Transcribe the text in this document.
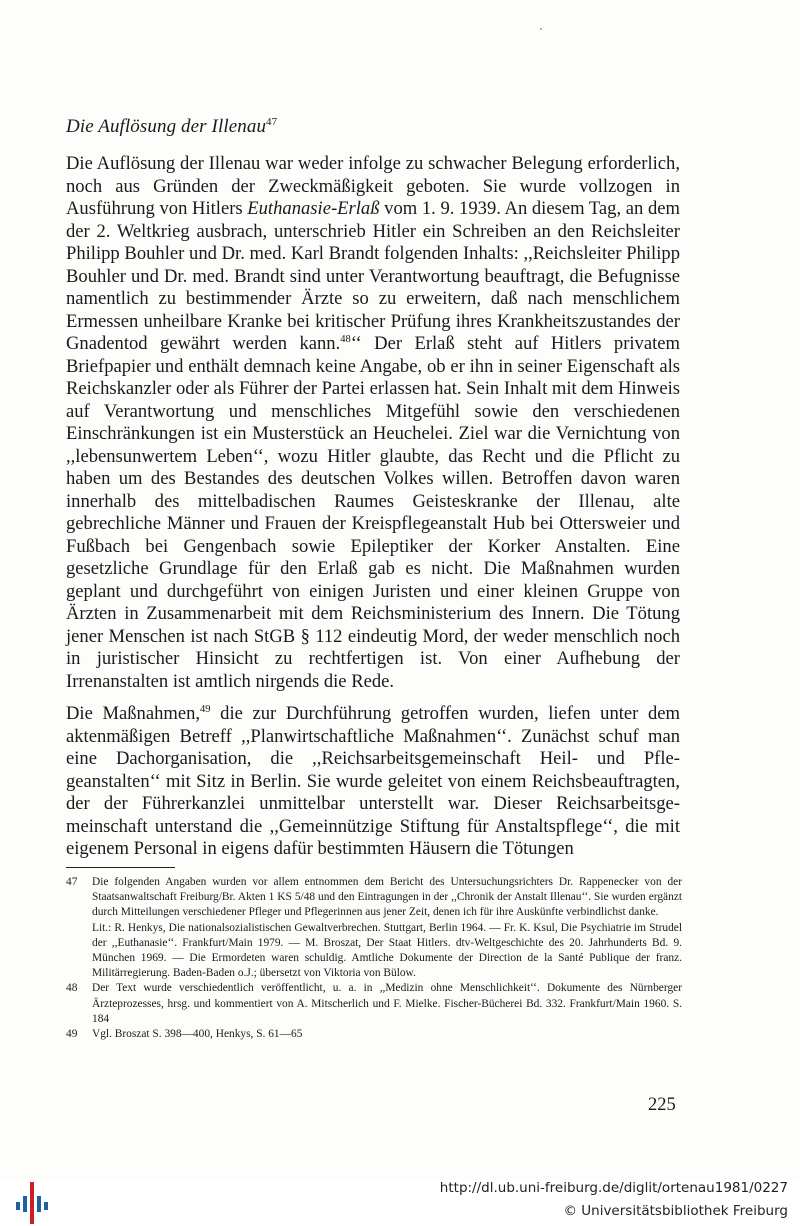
Die Auflösung der Illenau$^{47}$

Die Auflösung der Illenau war weder infolge zu schwacher Belegung erforderlich, noch aus Gründen der Zweckmäßigkeit geboten. Sie wurde vollzogen in Ausführung von Hitlers Euthanasie-Erlaß vom 1. 9. 1939. An diesem Tag, an dem der 2. Weltkrieg ausbrach, unterschrieb Hitler ein Schreiben an den Reichsleiter Philipp Bouhler und Dr. med. Karl Brandt folgenden Inhalts: ,,Reichsleiter Philipp Bouhler und Dr. med. Brandt sind unter Verantwortung beauftragt, die Befugnisse namentlich zu bestimmender Ärzte so zu erweitern, daß nach menschlichem Ermessen unheilbare Kranke bei kritischer Prüfung ihres Krankheitszustandes der Gnadentod gewährt werden kann.$^{48}$‘‘ Der Erlaß steht auf Hitlers privatem Briefpapier und enthält demnach keine Angabe, ob er ihn in seiner Eigenschaft als Reichskanzler oder als Führer der Partei erlassen hat. Sein Inhalt mit dem Hinweis auf Verantwortung und menschliches Mitgefühl sowie den verschiedenen Einschränkungen ist ein Musterstück an Heuchelei. Ziel war die Vernichtung von ,,lebensunwertem Leben‘‘, wozu Hitler glaubte, das Recht und die Pflicht zu haben um des Bestandes des deutschen Volkes willen. Betroffen davon waren innerhalb des mittelbadischen Raumes Geisteskranke der Illenau, alte gebrechliche Männer und Frauen der Kreispflegeanstalt Hub bei Ottersweier und Fußbach bei Gengenbach sowie Epileptiker der Korker Anstalten. Eine gesetzliche Grundlage für den Erlaß gab es nicht. Die Maßnahmen wurden geplant und durchgeführt von einigen Juristen und einer kleinen Gruppe von Ärzten in Zusammenarbeit mit dem Reichsministerium des Innern. Die Tötung jener Menschen ist nach StGB § 112 eindeutig Mord, der weder menschlich noch in juristischer Hinsicht zu rechtfertigen ist. Von einer Aufhebung der Irrenanstalten ist amtlich nirgends die Rede.

Die Maßnahmen,$^{49}$ die zur Durchführung getroffen wurden, liefen unter dem aktenmäßigen Betreff ,,Planwirtschaftliche Maßnahmen‘‘. Zunächst schuf man eine Dachorganisation, die ,,Reichsarbeitsgemeinschaft Heil- und Pflegeanstalten‘‘ mit Sitz in Berlin. Sie wurde geleitet von einem Reichsbeauftragten, der der Führerkanzlei unmittelbar unterstellt war. Dieser Reichsarbeitsgemeinschaft unterstand die ,,Gemeinnützige Stiftung für Anstaltspflege‘‘, die mit eigenem Personal in eigens dafür bestimmten Häusern die Tötungen

47	Die folgenden Angaben wurden vor allem entnommen dem Bericht des Untersuchungsrichters Dr. Rappenecker von der Staatsanwaltschaft Freiburg/Br. Akten 1 KS 5/48 und den Eintragungen in der ,,Chronik der Anstalt Illenau‘‘. Sie wurden ergänzt durch Mitteilungen verschiedener Pfleger und Pflegerinnen aus jener Zeit, denen ich für ihre Auskünfte verbindlichst danke.
Lit.: R. Henkys, Die nationalsozialistischen Gewaltverbrechen. Stuttgart, Berlin 1964. — Fr. K. Ksul, Die Psychiatrie im Strudel der ,,Euthanasie‘‘. Frankfurt/Main 1979. — M. Broszat, Der Staat Hitlers. dtv-Weltgeschichte des 20. Jahrhunderts Bd. 9. München 1969. — Die Ermordeten waren schuldig. Amtliche Dokumente der Direction de la Santé Publique der franz. Militärregierung. Baden-Baden o.J.; übersetzt von Viktoria von Bülow.
48	Der Text wurde verschiedentlich veröffentlicht, u. a. in ,,Medizin ohne Menschlichkeit‘‘. Dokumente des Nürnberger Ärzteprozesses, hrsg. und kommentiert von A. Mitscherlich und F. Mielke. Fischer-Bücherei Bd. 332. Frankfurt/Main 1960. S. 184
49	Vgl. Broszat S. 398—400, Henkys, S. 61—65
225
http://dl.ub.uni-freiburg.de/diglit/ortenau1981/0227
© Universitätsbibliothek Freiburg
